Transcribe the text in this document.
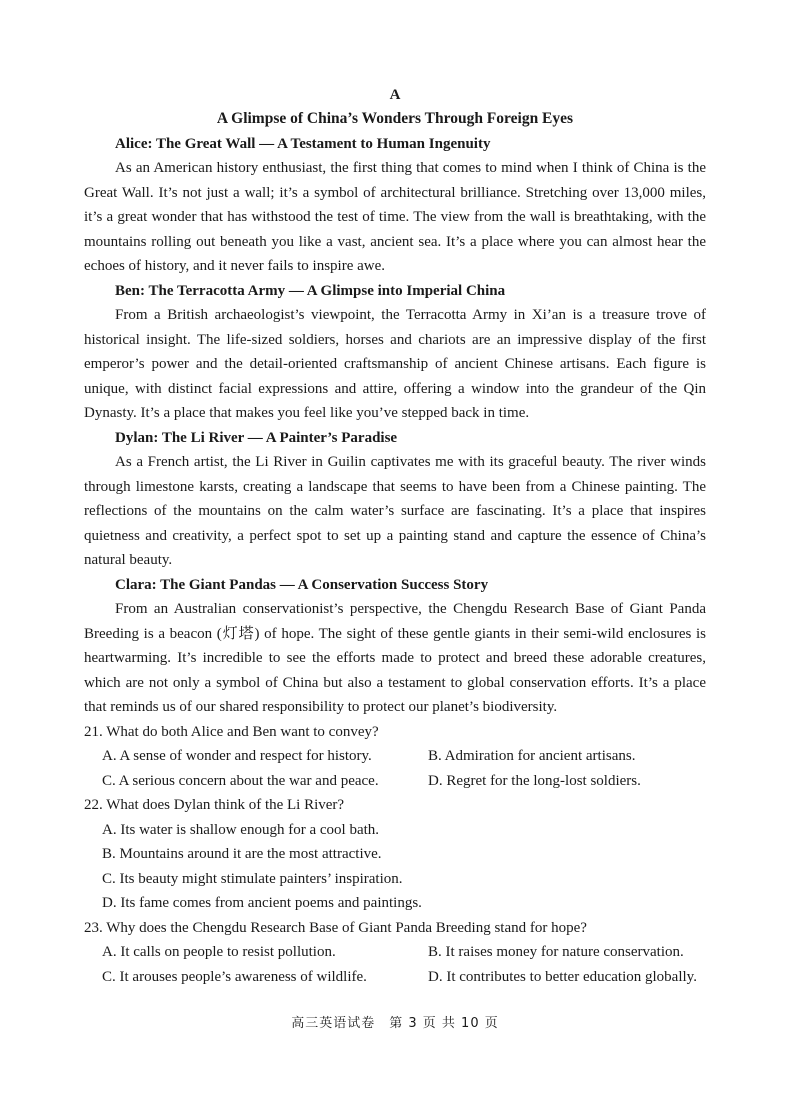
A

A Glimpse of China’s Wonders Through Foreign Eyes

Alice: The Great Wall — A Testament to Human Ingenuity

As an American history enthusiast, the first thing that comes to mind when I think of China is the Great Wall. It’s not just a wall; it’s a symbol of architectural brilliance. Stretching over 13,000 miles, it’s a great wonder that has withstood the test of time. The view from the wall is breathtaking, with the mountains rolling out beneath you like a vast, ancient sea. It’s a place where you can almost hear the echoes of history, and it never fails to inspire awe.

Ben: The Terracotta Army — A Glimpse into Imperial China

From a British archaeologist’s viewpoint, the Terracotta Army in Xi’an is a treasure trove of historical insight. The life-sized soldiers, horses and chariots are an impressive display of the first emperor’s power and the detail-oriented craftsmanship of ancient Chinese artisans. Each figure is unique, with distinct facial expressions and attire, offering a window into the grandeur of the Qin Dynasty. It’s a place that makes you feel like you’ve stepped back in time.

Dylan: The Li River — A Painter’s Paradise

As a French artist, the Li River in Guilin captivates me with its graceful beauty. The river winds through limestone karsts, creating a landscape that seems to have been from a Chinese painting. The reflections of the mountains on the calm water’s surface are fascinating. It’s a place that inspires quietness and creativity, a perfect spot to set up a painting stand and capture the essence of China’s natural beauty.

Clara: The Giant Pandas — A Conservation Success Story

From an Australian conservationist’s perspective, the Chengdu Research Base of Giant Panda Breeding is a beacon (灯塔) of hope. The sight of these gentle giants in their semi-wild enclosures is heartwarming. It’s incredible to see the efforts made to protect and breed these adorable creatures, which are not only a symbol of China but also a testament to global conservation efforts. It’s a place that reminds us of our shared responsibility to protect our planet’s biodiversity.

21. What do both Alice and Ben want to convey?

A. A sense of wonder and respect for history.	B. Admiration for ancient artisans.
C. A serious concern about the war and peace.	D. Regret for the long-lost soldiers.

22. What does Dylan think of the Li River?

A. Its water is shallow enough for a cool bath.
B. Mountains around it are the most attractive.
C. Its beauty might stimulate painters’ inspiration.
D. Its fame comes from ancient poems and paintings.

23. Why does the Chengdu Research Base of Giant Panda Breeding stand for hope?

A. It calls on people to resist pollution.	B. It raises money for nature conservation.
C. It arouses people’s awareness of wildlife.	D. It contributes to better education globally.
高三英语试卷　第 3 页 共 10 页
